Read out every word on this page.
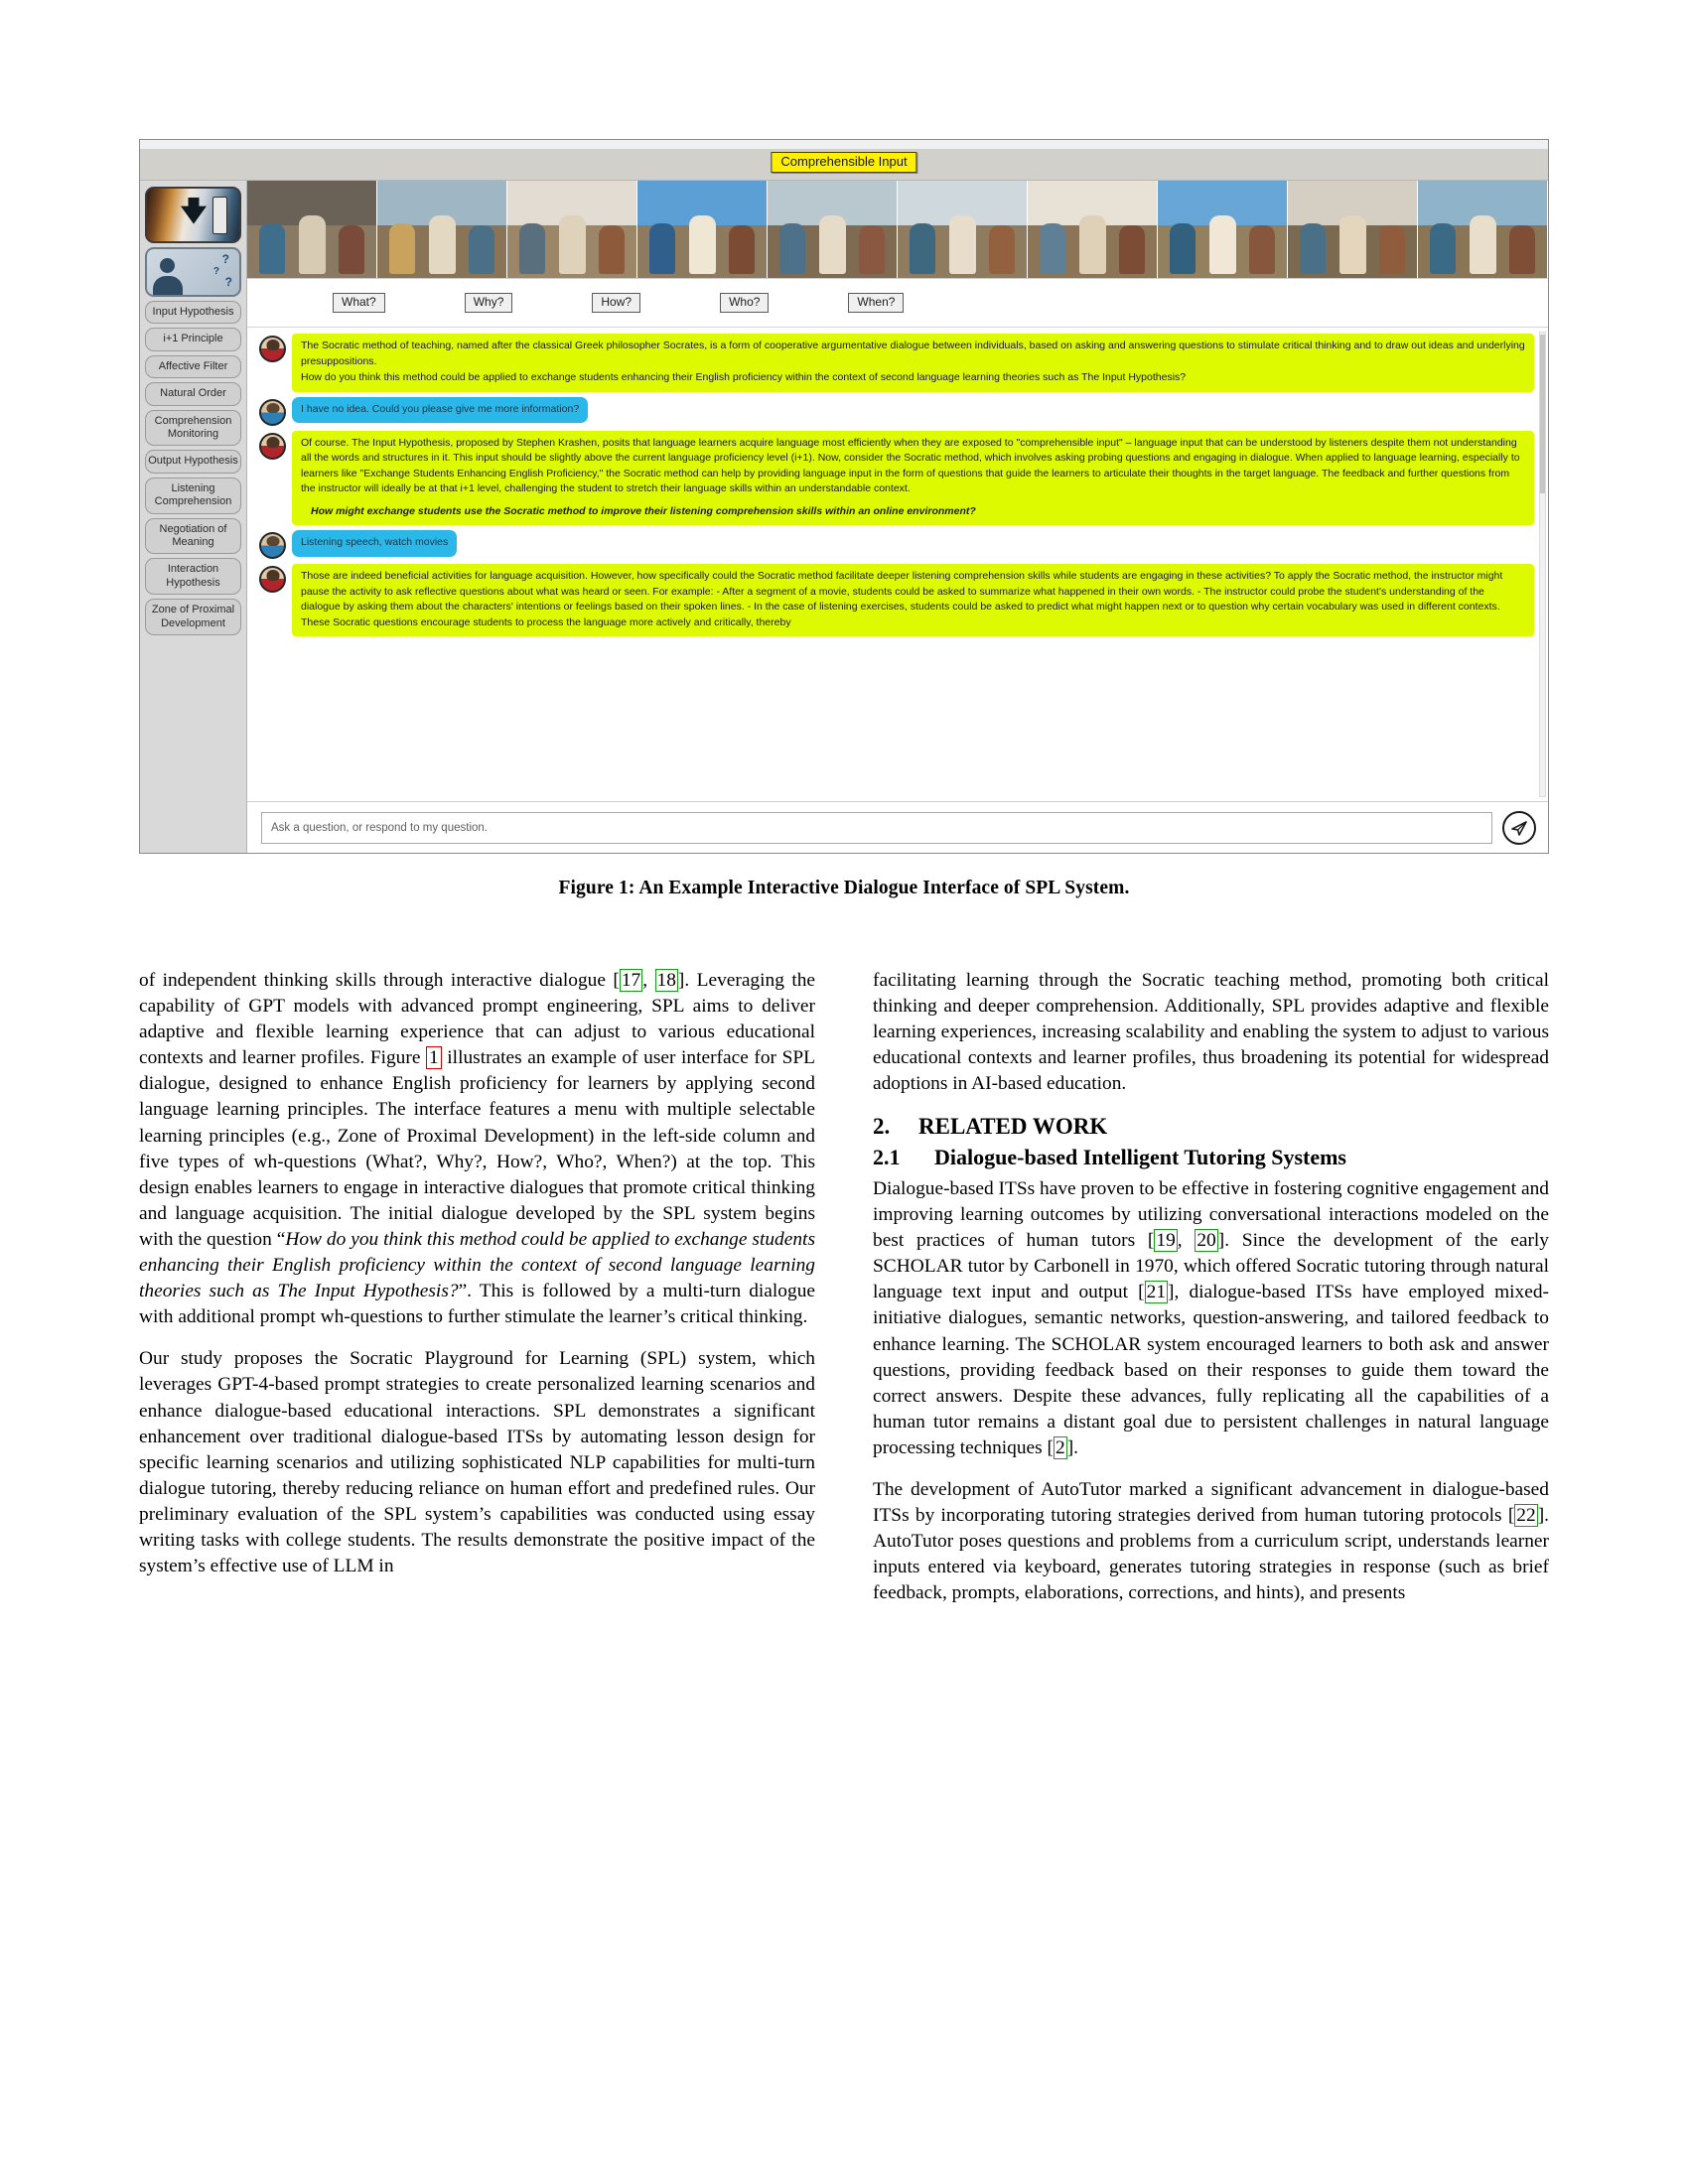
Comprehensible Input
?
?
?
Input Hypothesis
i+1 Principle
Affective Filter
Natural Order
Comprehension Monitoring
Output Hypothesis
Listening Comprehension
Negotiation of Meaning
Interaction Hypothesis
Zone of Proximal Development
What?	Why?	How?	Who?	When?

The Socratic method of teaching, named after the classical Greek philosopher Socrates, is a form of cooperative argumentative dialogue between individuals, based on asking and answering questions to stimulate critical thinking and to draw out ideas and underlying presuppositions.

How do you think this method could be applied to exchange students enhancing their English proficiency within the context of second language learning theories such as The Input Hypothesis?

I have no idea. Could you please give me more information?

Of course. The Input Hypothesis, proposed by Stephen Krashen, posits that language learners acquire language most efficiently when they are exposed to "comprehensible input" – language input that can be understood by listeners despite them not understanding all the words and structures in it. This input should be slightly above the current language proficiency level (i+1). Now, consider the Socratic method, which involves asking probing questions and engaging in dialogue. When applied to language learning, especially to learners like "Exchange Students Enhancing English Proficiency," the Socratic method can help by providing language input in the form of questions that guide the learners to articulate their thoughts in the target language. The feedback and further questions from the instructor will ideally be at that i+1 level, challenging the student to stretch their language skills within an understandable context.

How might exchange students use the Socratic method to improve their listening comprehension skills within an online environment?

Listening speech, watch movies

Those are indeed beneficial activities for language acquisition. However, how specifically could the Socratic method facilitate deeper listening comprehension skills while students are engaging in these activities? To apply the Socratic method, the instructor might pause the activity to ask reflective questions about what was heard or seen. For example: - After a segment of a movie, students could be asked to summarize what happened in their own words. - The instructor could probe the student's understanding of the dialogue by asking them about the characters' intentions or feelings based on their spoken lines. - In the case of listening exercises, students could be asked to predict what might happen next or to question why certain vocabulary was used in different contexts. These Socratic questions encourage students to process the language more actively and critically, thereby

Ask a question, or respond to my question.
Figure 1: An Example Interactive Dialogue Interface of SPL System.

of independent thinking skills through interactive dialogue [ 17 , 18 ]. Leveraging the capability of GPT models with advanced prompt engineering, SPL aims to deliver adaptive and flexible learning experience that can adjust to various educational contexts and learner profiles. Figure 1 illustrates an example of user interface for SPL dialogue, designed to enhance English proficiency for learners by applying second language learning principles. The interface features a menu with multiple selectable learning principles (e.g., Zone of Proximal Development) in the left-side column and five types of wh-questions (What?, Why?, How?, Who?, When?) at the top. This design enables learners to engage in interactive dialogues that promote critical thinking and language acquisition. The initial dialogue developed by the SPL system begins with the question “How do you think this method could be applied to exchange students enhancing their English proficiency within the context of second language learning theories such as The Input Hypothesis?”. This is followed by a multi-turn dialogue with additional prompt wh-questions to further stimulate the learner’s critical thinking.

Our study proposes the Socratic Playground for Learning (SPL) system, which leverages GPT-4-based prompt strategies to create personalized learning scenarios and enhance dialogue-based educational interactions. SPL demonstrates a significant enhancement over traditional dialogue-based ITSs by automating lesson design for specific learning scenarios and utilizing sophisticated NLP capabilities for multi-turn dialogue tutoring, thereby reducing reliance on human effort and predefined rules. Our preliminary evaluation of the SPL system’s capabilities was conducted using essay writing tasks with college students. The results demonstrate the positive impact of the system’s effective use of LLM in

facilitating learning through the Socratic teaching method, promoting both critical thinking and deeper comprehension. Additionally, SPL provides adaptive and flexible learning experiences, increasing scalability and enabling the system to adjust to various educational contexts and learner profiles, thus broadening its potential for widespread adoptions in AI-based education.

2.	RELATED WORK
2.1	Dialogue-based Intelligent Tutoring Systems

Dialogue-based ITSs have proven to be effective in fostering cognitive engagement and improving learning outcomes by utilizing conversational interactions modeled on the best practices of human tutors [ 19 , 20 ]. Since the development of the early SCHOLAR tutor by Carbonell in 1970, which offered Socratic tutoring through natural language text input and output [ 21 ], dialogue-based ITSs have employed mixed-initiative dialogues, semantic networks, question-answering, and tailored feedback to enhance learning. The SCHOLAR system encouraged learners to both ask and answer questions, providing feedback based on their responses to guide them toward the correct answers. Despite these advances, fully replicating all the capabilities of a human tutor remains a distant goal due to persistent challenges in natural language processing techniques [ 2 ].

The development of AutoTutor marked a significant advancement in dialogue-based ITSs by incorporating tutoring strategies derived from human tutoring protocols [ 22 ]. AutoTutor poses questions and problems from a curriculum script, understands learner inputs entered via keyboard, generates tutoring strategies in response (such as brief feedback, prompts, elaborations, corrections, and hints), and presents
